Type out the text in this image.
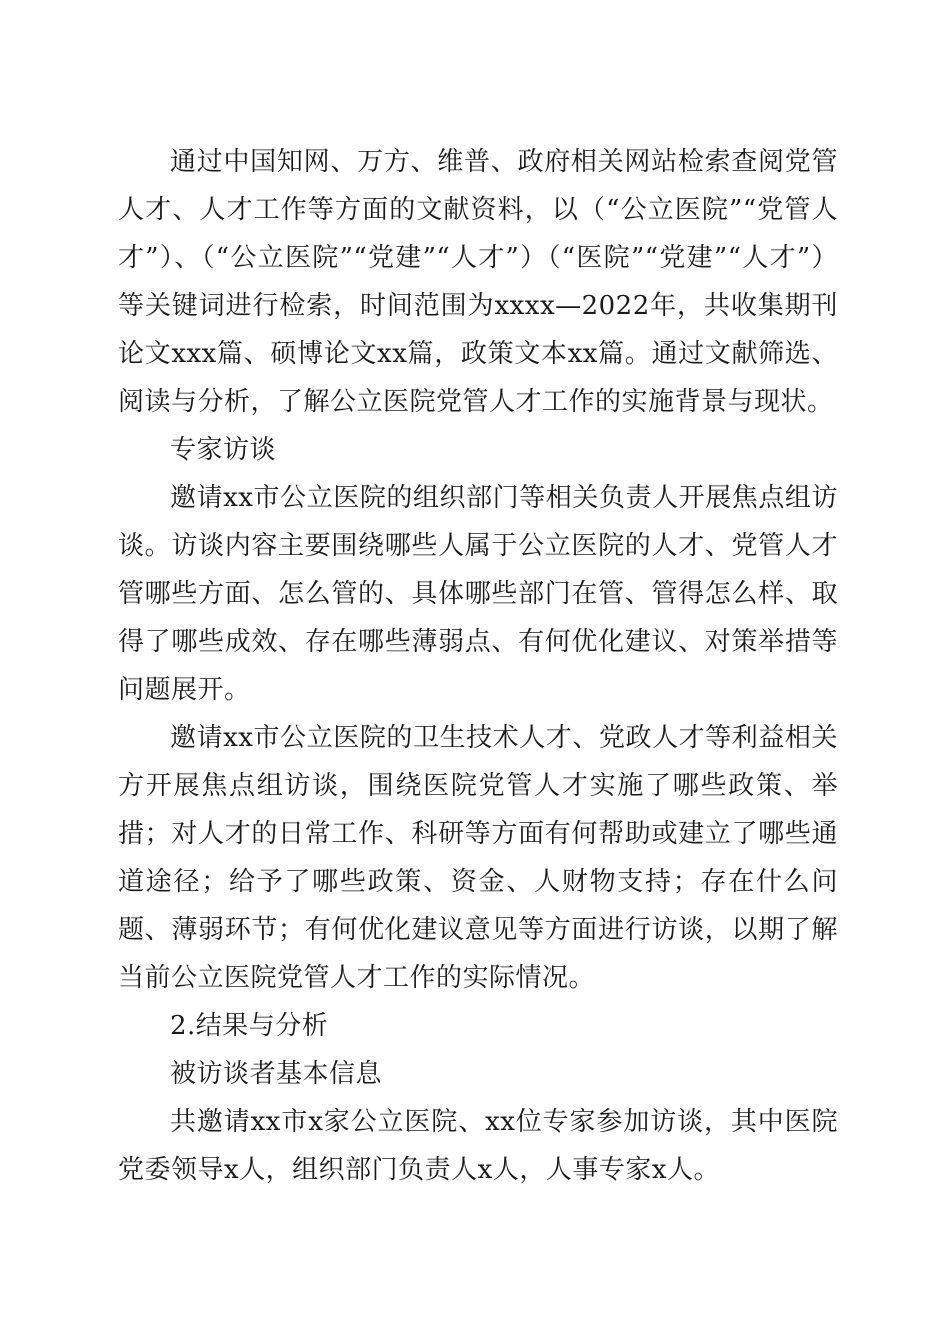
通过中国知网、万方、维普、政府相关网站检索查阅党管人才、人才工作等方面的文献资料，以（“公立医院”“党管人才”）、（“公立医院”“党建”“人才”）（“医院”“党建”“人才”）等关键词进行检索，时间范围为xxxx—2022年，共收集期刊论文xxx篇、硕博论文xx篇，政策文本xx篇。通过文献筛选、阅读与分析，了解公立医院党管人才工作的实施背景与现状。

专家访谈

邀请xx市公立医院的组织部门等相关负责人开展焦点组访谈。访谈内容主要围绕哪些人属于公立医院的人才、党管人才管哪些方面、怎么管的、具体哪些部门在管、管得怎么样、取得了哪些成效、存在哪些薄弱点、有何优化建议、对策举措等问题展开。

邀请xx市公立医院的卫生技术人才、党政人才等利益相关方开展焦点组访谈，围绕医院党管人才实施了哪些政策、举措；对人才的日常工作、科研等方面有何帮助或建立了哪些通道途径；给予了哪些政策、资金、人财物支持；存在什么问题、薄弱环节；有何优化建议意见等方面进行访谈，以期了解当前公立医院党管人才工作的实际情况。

2.结果与分析

被访谈者基本信息

共邀请xx市x家公立医院、xx位专家参加访谈，其中医院党委领导x人，组织部门负责人x人，人事专家x人。
